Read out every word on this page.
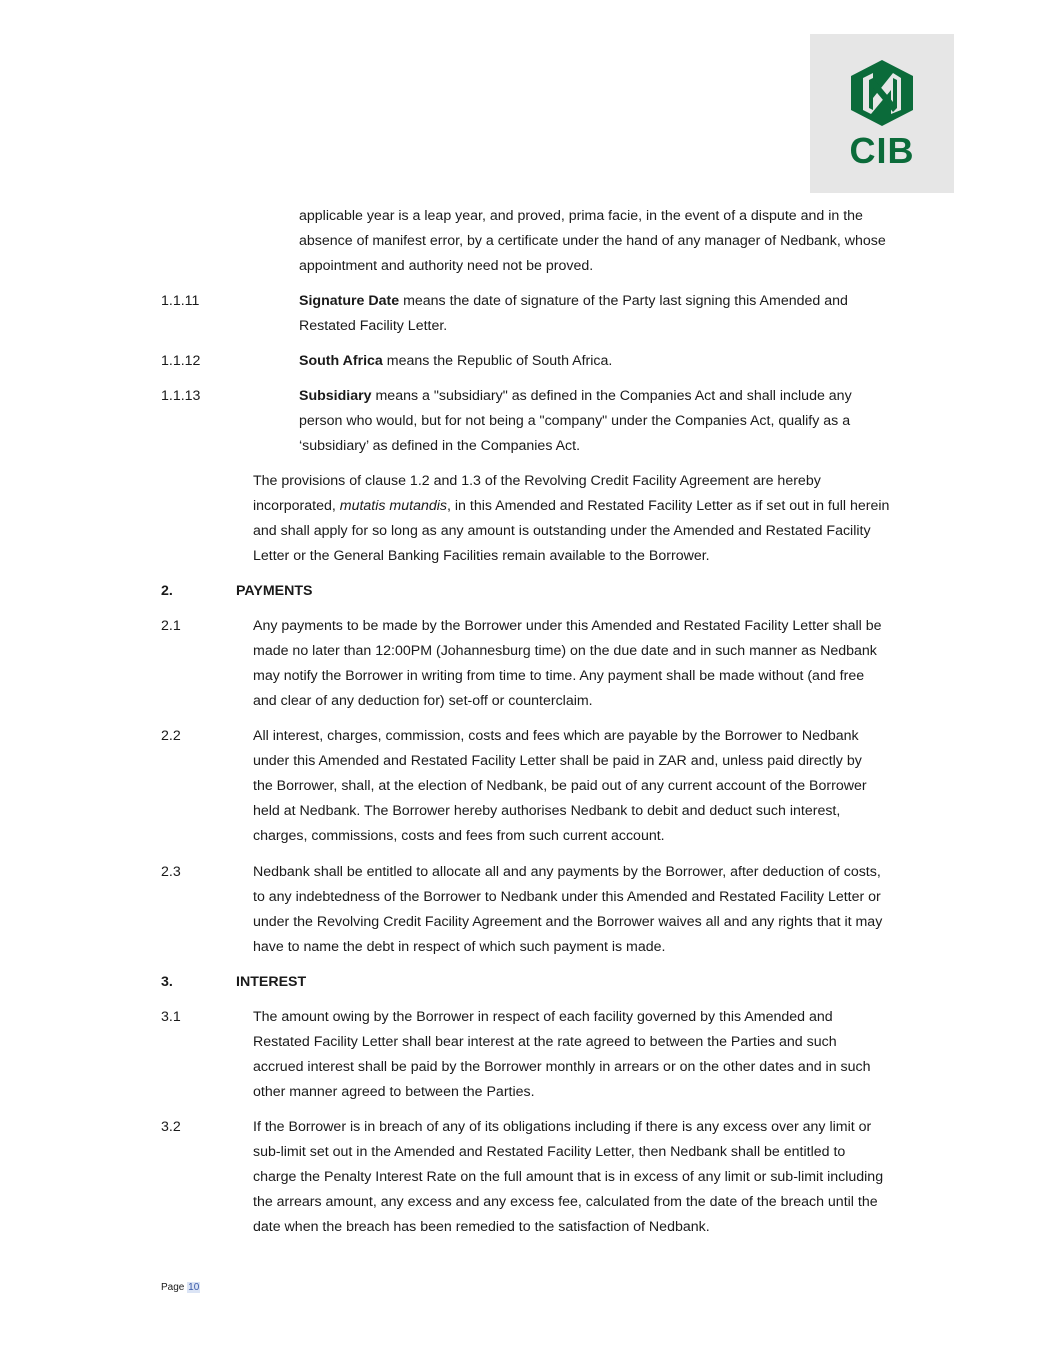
CIB
applicable year is a leap year, and proved, prima facie, in the event of a dispute and in the
absence of manifest error, by a certificate under the hand of any manager of Nedbank, whose
appointment and authority need not be proved.
1.1.11	Signature Date means the date of signature of the Party last signing this Amended and
Restated Facility Letter.
1.1.12	South Africa means the Republic of South Africa.
1.1.13	Subsidiary means a "subsidiary" as defined in the Companies Act and shall include any
person who would, but for not being a "company" under the Companies Act, qualify as a
‘subsidiary’ as defined in the Companies Act.
The provisions of clause 1.2 and 1.3 of the Revolving Credit Facility Agreement are hereby
incorporated, mutatis mutandis, in this Amended and Restated Facility Letter as if set out in full herein
and shall apply for so long as any amount is outstanding under the Amended and Restated Facility
Letter or the General Banking Facilities remain available to the Borrower.
2.	PAYMENTS
2.1	Any payments to be made by the Borrower under this Amended and Restated Facility Letter shall be
made no later than 12:00PM (Johannesburg time) on the due date and in such manner as Nedbank
may notify the Borrower in writing from time to time. Any payment shall be made without (and free
and clear of any deduction for) set-off or counterclaim.
2.2	All interest, charges, commission, costs and fees which are payable by the Borrower to Nedbank
under this Amended and Restated Facility Letter shall be paid in ZAR and, unless paid directly by
the Borrower, shall, at the election of Nedbank, be paid out of any current account of the Borrower
held at Nedbank. The Borrower hereby authorises Nedbank to debit and deduct such interest,
charges, commissions, costs and fees from such current account.
2.3	Nedbank shall be entitled to allocate all and any payments by the Borrower, after deduction of costs,
to any indebtedness of the Borrower to Nedbank under this Amended and Restated Facility Letter or
under the Revolving Credit Facility Agreement and the Borrower waives all and any rights that it may
have to name the debt in respect of which such payment is made.
3.	INTEREST
3.1	The amount owing by the Borrower in respect of each facility governed by this Amended and
Restated Facility Letter shall bear interest at the rate agreed to between the Parties and such
accrued interest shall be paid by the Borrower monthly in arrears or on the other dates and in such
other manner agreed to between the Parties.
3.2	If the Borrower is in breach of any of its obligations including if there is any excess over any limit or
sub-limit set out in the Amended and Restated Facility Letter, then Nedbank shall be entitled to
charge the Penalty Interest Rate on the full amount that is in excess of any limit or sub-limit including
the arrears amount, any excess and any excess fee, calculated from the date of the breach until the
date when the breach has been remedied to the satisfaction of Nedbank.
Page 10
